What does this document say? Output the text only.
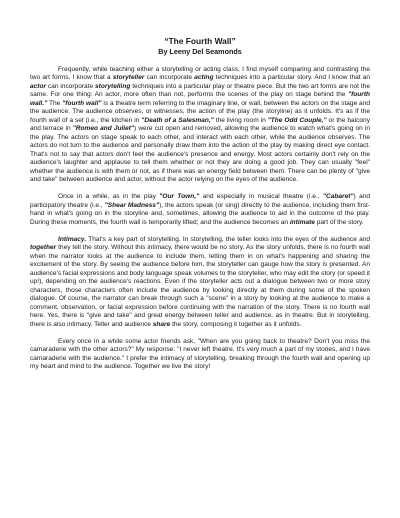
“The Fourth Wall”
By Leeny Del Seamonds

Frequently, while teaching either a storytelling or acting class, I find myself comparing and contrasting the two art forms. I know that a storyteller can incorporate acting techniques into a particular story. And I know that an actor can incorporate storytelling techniques into a particular play or theatre piece. But the two art forms are not the same. For one thing: An actor, more often than not, performs the scenes of the play on stage behind the "fourth wall." The "fourth wall" is a theatre term referring to the imaginary line, or wall, between the actors on the stage and the audience. The audience observes, or witnesses, the action of the play (the storyline) as it unfolds. It's as if the fourth wall of a set (i.e., the kitchen in "Death of a Salesman," the living room in "The Odd Couple," or the balcony and terrace in "Romeo and Juliet") were cut open and removed, allowing the audience to watch what's going on in the play. The actors on stage speak to each other, and interact with each other, while the audience observes. The actors do not turn to the audience and personally draw them into the action of the play by making direct eye contact. That's not to say that actors don't feel the audience's presence and energy. Most actors certainly don't rely on the audience's laughter and applause to tell them whether or not they are doing a good job. They can usually "feel" whether the audience is with them or not, as if there was an energy field between them. There can be plenty of "give and take" between audience and actor, without the actor relying on the eyes of the audience.

Once in a while, as in the play "Our Town," and especially in musical theatre (i.e., "Cabaret") and participatory theatre (i.e., "Shear Madness"), the actors speak (or sing) directly to the audience, including them first-hand in what's going on in the storyline and, sometimes, allowing the audience to aid in the outcome of the play. During these moments, the fourth wall is temporarily lifted; and the audience becomes an intimate part of the story.

Intimacy. That's a key part of storytelling. In storytelling, the teller looks into the eyes of the audience and together they tell the story. Without this intimacy, there would be no story. As the story unfolds, there is no fourth wall when the narrator looks at the audience to include them, letting them in on what's happening and sharing the excitement of the story. By seeing the audience before him, the storyteller can gauge how the story is presented. An audience's facial expressions and body language speak volumes to the storyteller, who may edit the story (or speed it up!), depending on the audience's reactions. Even if the storyteller acts out a dialogue between two or more story characters, those characters often include the audience by looking directly at them during some of the spoken dialogue. Of course, the narrator can break through such a "scene" in a story by looking at the audience to make a comment, observation, or facial expression before continuing with the narration of the story. There is no fourth wall here. Yes, there is "give and take" and great energy between teller and audience, as in theatre. But in storytelling, there is also intimacy. Teller and audience share the story, composing it together as it unfolds.

Every once in a while some actor friends ask, "When are you going back to theatre? Don't you miss the camaraderie with the other actors?" My response: "I never left theatre. It's very much a part of my stories, and I have camaraderie with the audience." I prefer the intimacy of storytelling, breaking through the fourth wall and opening up my heart and mind to the audience. Together we live the story!
